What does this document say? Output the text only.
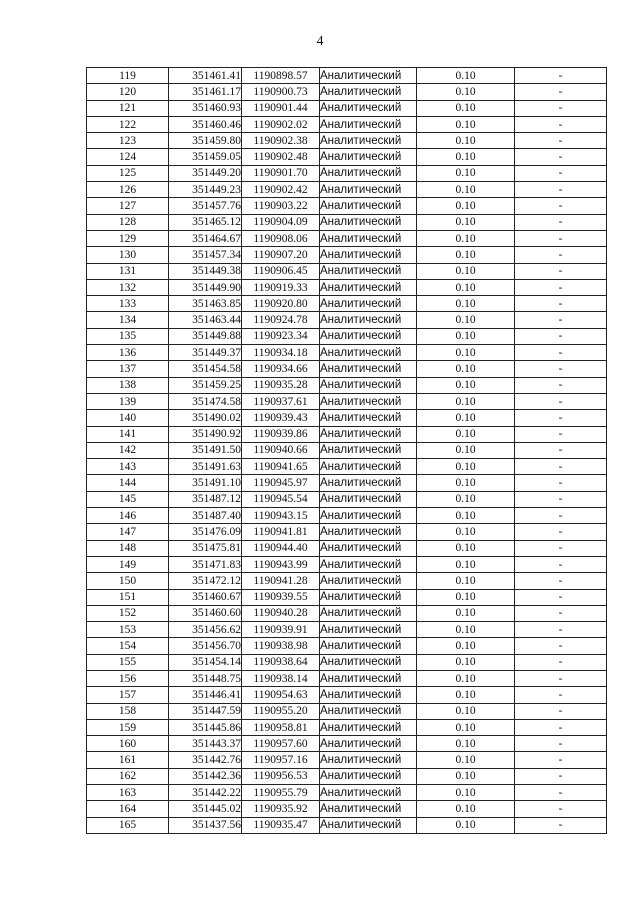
4
119	351461.41	1190898.57	Аналитический	0.10	-
120	351461.17	1190900.73	Аналитический	0.10	-
121	351460.93	1190901.44	Аналитический	0.10	-
122	351460.46	1190902.02	Аналитический	0.10	-
123	351459.80	1190902.38	Аналитический	0.10	-
124	351459.05	1190902.48	Аналитический	0.10	-
125	351449.20	1190901.70	Аналитический	0.10	-
126	351449.23	1190902.42	Аналитический	0.10	-
127	351457.76	1190903.22	Аналитический	0.10	-
128	351465.12	1190904.09	Аналитический	0.10	-
129	351464.67	1190908.06	Аналитический	0.10	-
130	351457.34	1190907.20	Аналитический	0.10	-
131	351449.38	1190906.45	Аналитический	0.10	-
132	351449.90	1190919.33	Аналитический	0.10	-
133	351463.85	1190920.80	Аналитический	0.10	-
134	351463.44	1190924.78	Аналитический	0.10	-
135	351449.88	1190923.34	Аналитический	0.10	-
136	351449.37	1190934.18	Аналитический	0.10	-
137	351454.58	1190934.66	Аналитический	0.10	-
138	351459.25	1190935.28	Аналитический	0.10	-
139	351474.58	1190937.61	Аналитический	0.10	-
140	351490.02	1190939.43	Аналитический	0.10	-
141	351490.92	1190939.86	Аналитический	0.10	-
142	351491.50	1190940.66	Аналитический	0.10	-
143	351491.63	1190941.65	Аналитический	0.10	-
144	351491.10	1190945.97	Аналитический	0.10	-
145	351487.12	1190945.54	Аналитический	0.10	-
146	351487.40	1190943.15	Аналитический	0.10	-
147	351476.09	1190941.81	Аналитический	0.10	-
148	351475.81	1190944.40	Аналитический	0.10	-
149	351471.83	1190943.99	Аналитический	0.10	-
150	351472.12	1190941.28	Аналитический	0.10	-
151	351460.67	1190939.55	Аналитический	0.10	-
152	351460.60	1190940.28	Аналитический	0.10	-
153	351456.62	1190939.91	Аналитический	0.10	-
154	351456.70	1190938.98	Аналитический	0.10	-
155	351454.14	1190938.64	Аналитический	0.10	-
156	351448.75	1190938.14	Аналитический	0.10	-
157	351446.41	1190954.63	Аналитический	0.10	-
158	351447.59	1190955.20	Аналитический	0.10	-
159	351445.86	1190958.81	Аналитический	0.10	-
160	351443.37	1190957.60	Аналитический	0.10	-
161	351442.76	1190957.16	Аналитический	0.10	-
162	351442.36	1190956.53	Аналитический	0.10	-
163	351442.22	1190955.79	Аналитический	0.10	-
164	351445.02	1190935.92	Аналитический	0.10	-
165	351437.56	1190935.47	Аналитический	0.10	-
